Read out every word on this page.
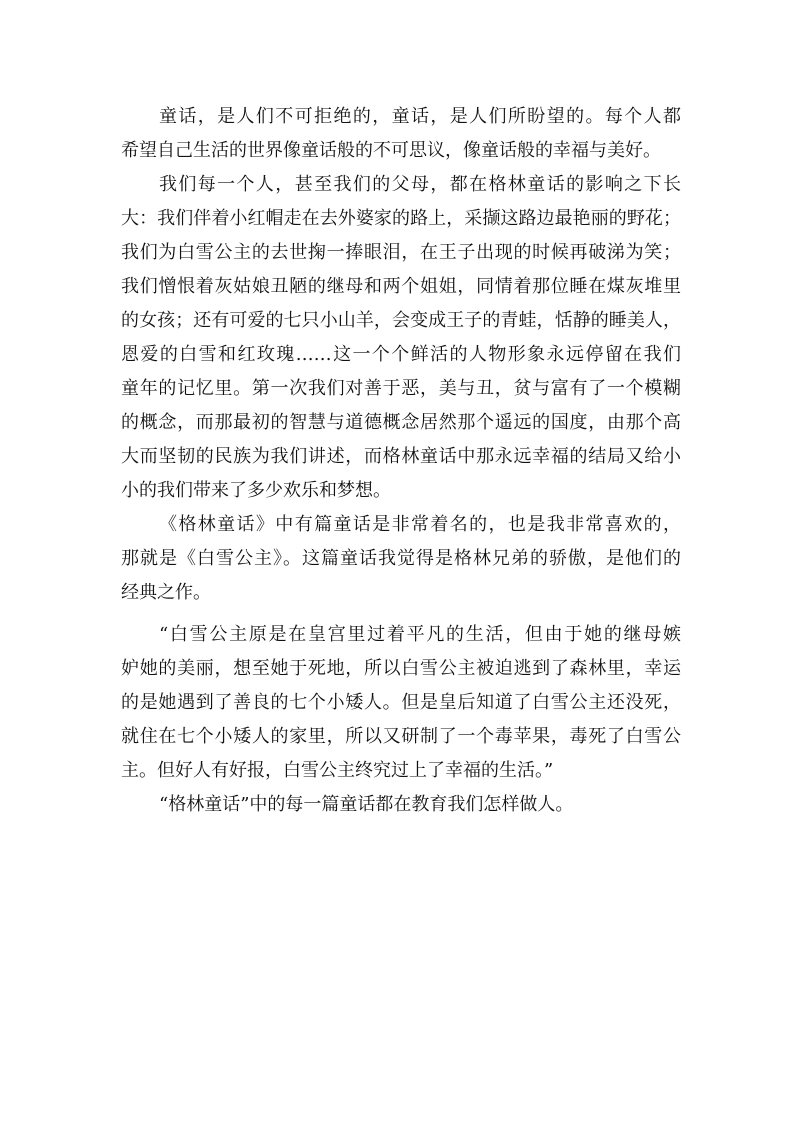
童话，是人们不可拒绝的，童话，是人们所盼望的。每个人都
希望自己生活的世界像童话般的不可思议，像童话般的幸福与美好。
我们每一个人，甚至我们的父母，都在格林童话的影响之下长
大：我们伴着小红帽走在去外婆家的路上，采撷这路边最艳丽的野花；
我们为白雪公主的去世掬一捧眼泪，在王子出现的时候再破涕为笑；
我们憎恨着灰姑娘丑陋的继母和两个姐姐，同情着那位睡在煤灰堆里
的女孩；还有可爱的七只小山羊，会变成王子的青蛙，恬静的睡美人，
恩爱的白雪和红玫瑰……这一个个鲜活的人物形象永远停留在我们
童年的记忆里。第一次我们对善于恶，美与丑，贫与富有了一个模糊
的概念，而那最初的智慧与道德概念居然那个遥远的国度，由那个高
大而坚韧的民族为我们讲述，而格林童话中那永远幸福的结局又给小
小的我们带来了多少欢乐和梦想。
《格林童话》中有篇童话是非常着名的，也是我非常喜欢的，
那就是《白雪公主》。这篇童话我觉得是格林兄弟的骄傲，是他们的
经典之作。
“白雪公主原是在皇宫里过着平凡的生活，但由于她的继母嫉
妒她的美丽，想至她于死地，所以白雪公主被迫逃到了森林里，幸运
的是她遇到了善良的七个小矮人。但是皇后知道了白雪公主还没死，
就住在七个小矮人的家里，所以又研制了一个毒苹果，毒死了白雪公
主。但好人有好报，白雪公主终究过上了幸福的生活。”
“格林童话”中的每一篇童话都在教育我们怎样做人。
